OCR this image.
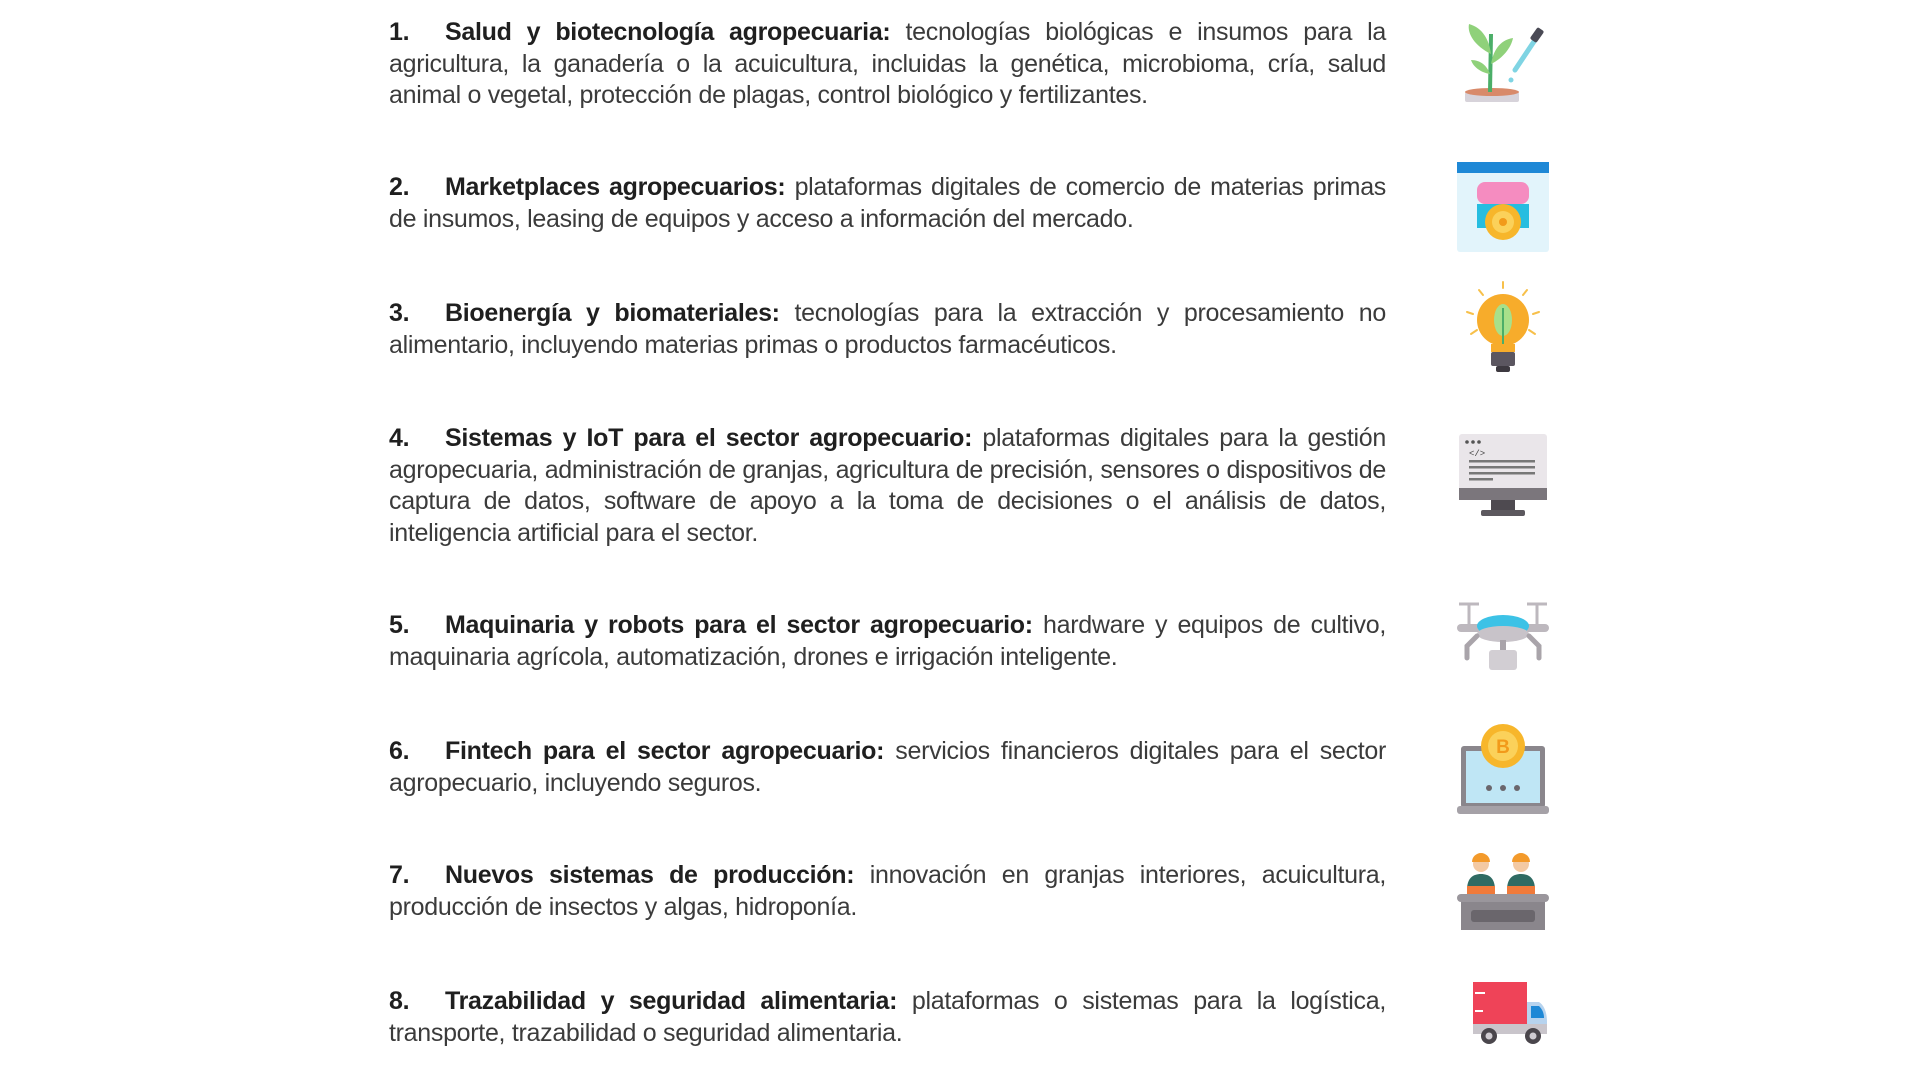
1. Salud y biotecnología agropecuaria: tecnologías biológicas e insumos para la agricultura, la ganadería o la acuicultura, incluidas la genética, microbioma, cría, salud animal o vegetal, protección de plagas, control biológico y fertilizantes.
2. Marketplaces agropecuarios: plataformas digitales de comercio de materias primas de insumos, leasing de equipos y acceso a información del mercado.
3. Bioenergía y biomateriales: tecnologías para la extracción y procesamiento no alimentario, incluyendo materias primas o productos farmacéuticos.
4. Sistemas y IoT para el sector agropecuario: plataformas digitales para la gestión agropecuaria, administración de granjas, agricultura de precisión, sensores o dispositivos de captura de datos, software de apoyo a la toma de decisiones o el análisis de datos, inteligencia artificial para el sector.
</>
5. Maquinaria y robots para el sector agropecuario: hardware y equipos de cultivo, maquinaria agrícola, automatización, drones e irrigación inteligente.
6. Fintech para el sector agropecuario: servicios financieros digitales para el sector agropecuario, incluyendo seguros.
B
7. Nuevos sistemas de producción: innovación en granjas interiores, acuicultura, producción de insectos y algas, hidroponía.
8. Trazabilidad y seguridad alimentaria: plataformas o sistemas para la logística, transporte, trazabilidad o seguridad alimentaria.
